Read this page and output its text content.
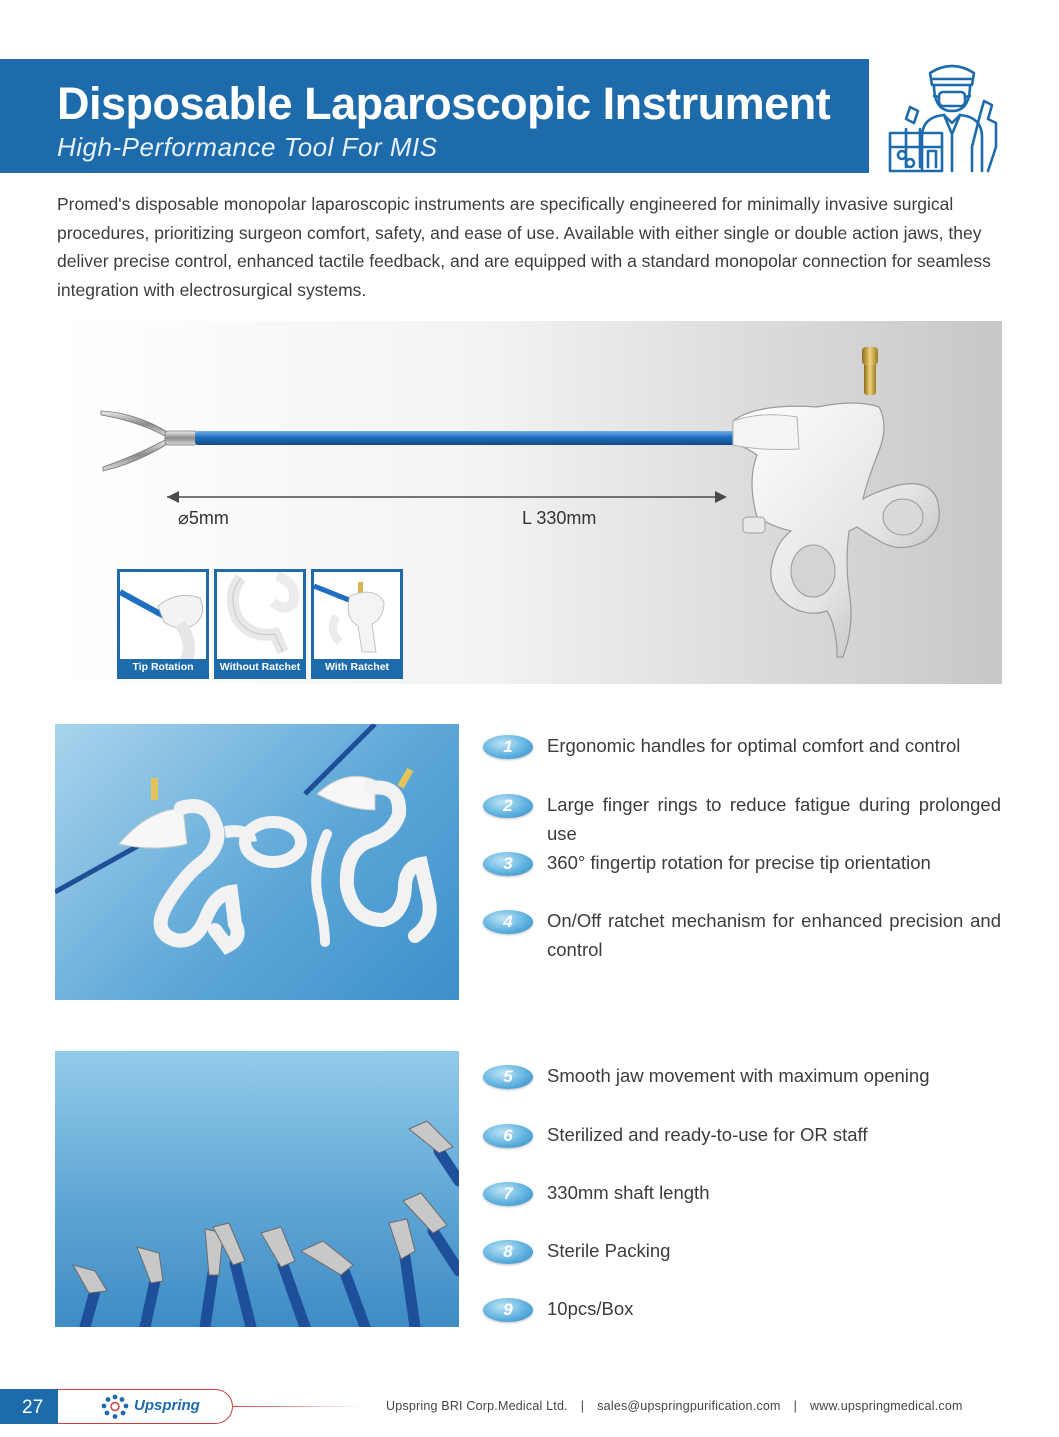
Disposable Laparoscopic Instrument
High-Performance Tool For MIS

Promed's disposable monopolar laparoscopic instruments are specifically engineered for minimally invasive surgical procedures, prioritizing surgeon comfort, safety, and ease of use. Available with either single or double action jaws, they deliver precise control, enhanced tactile feedback, and are equipped with a standard monopolar connection for seamless integration with electrosurgical systems.

⌀5mm	L 330mm
Tip Rotation	Without Ratchet	With Ratchet
1	Ergonomic handles for optimal comfort and control
2	Large finger rings to reduce fatigue during prolonged use
3	360° fingertip rotation for precise tip orientation
4	On/Off ratchet mechanism for enhanced precision and control
5	Smooth jaw movement with maximum opening
6	Sterilized and ready-to-use for OR staff
7	330mm shaft length
8	Sterile Packing
9	10pcs/Box
27	Upspring	Upspring BRI Corp.Medical Ltd. | sales@upspringpurification.com | www.upspringmedical.com
